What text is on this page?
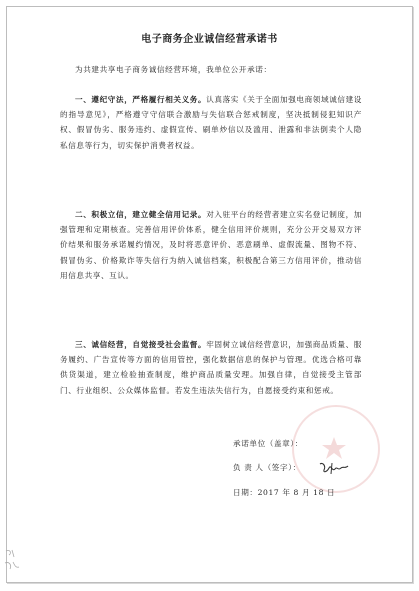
电子商务企业诚信经营承诺书
为共建共享电子商务诚信经营环境，我单位公开承诺：
一、遵纪守法，严格履行相关义务。认真落实《关于全面加强电商领域诚信建设的指导意见》，严格遵守守信联合激励与失信联合惩戒制度，坚决抵制侵犯知识产权、假冒伪劣、服务违约、虚假宣传、刷单炒信以及滥用、泄露和非法倒卖个人隐私信息等行为，切实保护消费者权益。
二、积极立信，建立健全信用记录。对入驻平台的经营者建立实名登记制度，加强管理和定期核查。完善信用评价体系，健全信用评价规则，充分公开交易双方评价结果和服务承诺履约情况，及时将恶意评价、恶意刷单、虚假流量、图物不符、假冒伪劣、价格欺诈等失信行为纳入诚信档案，积极配合第三方信用评价，推动信用信息共享、互认。
三、诚信经营，自觉接受社会监督。牢固树立诚信经营意识，加强商品质量、服务履约、广告宣传等方面的信用管控，强化数据信息的保护与管理。优选合格可靠供货渠道，建立检验抽查制度，维护商品质量安理。加强自律，自觉接受主管部门、行业组织、公众媒体监督。若发生违法失信行为，自愿接受约束和惩戒。
承诺单位（盖章）：
负 责 人（签字）：
日期：2017 年 8 月 18 日
